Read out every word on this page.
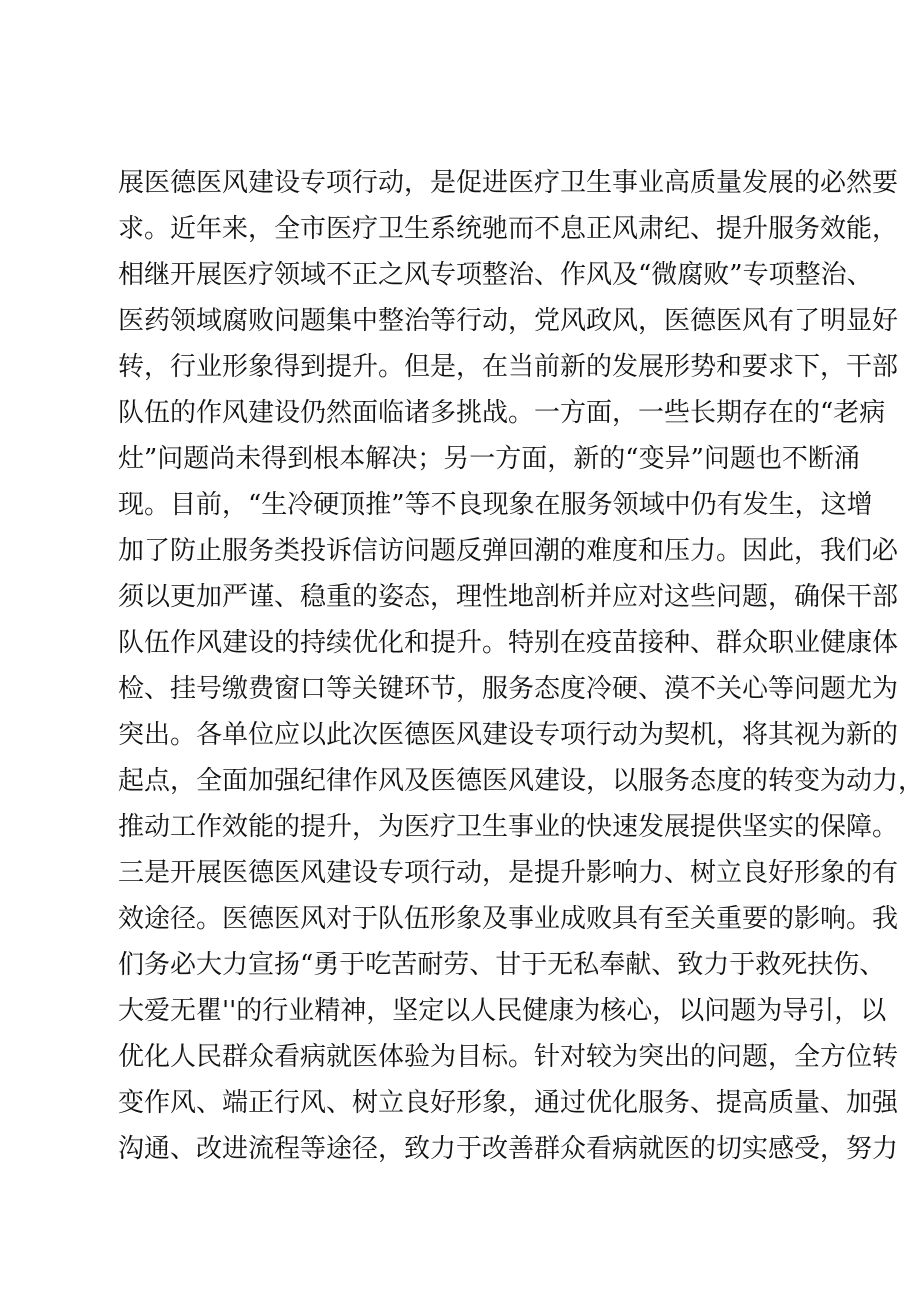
展医德医风建设专项行动，是促进医疗卫生事业高质量发展的必然要
求。近年来，全市医疗卫生系统驰而不息正风肃纪、提升服务效能，
相继开展医疗领域不正之风专项整治、作风及“微腐败”专项整治、
医药领域腐败问题集中整治等行动，党风政风，医德医风有了明显好
转，行业形象得到提升。但是，在当前新的发展形势和要求下，干部
队伍的作风建设仍然面临诸多挑战。一方面，一些长期存在的“老病
灶”问题尚未得到根本解决；另一方面，新的“变异”问题也不断涌
现。目前，“生冷硬顶推”等不良现象在服务领域中仍有发生，这增
加了防止服务类投诉信访问题反弹回潮的难度和压力。因此，我们必
须以更加严谨、稳重的姿态，理性地剖析并应对这些问题，确保干部
队伍作风建设的持续优化和提升。特别在疫苗接种、群众职业健康体
检、挂号缴费窗口等关键环节，服务态度冷硬、漠不关心等问题尤为
突出。各单位应以此次医德医风建设专项行动为契机，将其视为新的
起点，全面加强纪律作风及医德医风建设，以服务态度的转变为动力，
推动工作效能的提升，为医疗卫生事业的快速发展提供坚实的保障。
三是开展医德医风建设专项行动，是提升影响力、树立良好形象的有
效途径。医德医风对于队伍形象及事业成败具有至关重要的影响。我
们务必大力宣扬“勇于吃苦耐劳、甘于无私奉献、致力于救死扶伤、
大爱无瞿''的行业精神，坚定以人民健康为核心，以问题为导引，以
优化人民群众看病就医体验为目标。针对较为突出的问题，全方位转
变作风、端正行风、树立良好形象，通过优化服务、提高质量、加强
沟通、改进流程等途径，致力于改善群众看病就医的切实感受，努力
